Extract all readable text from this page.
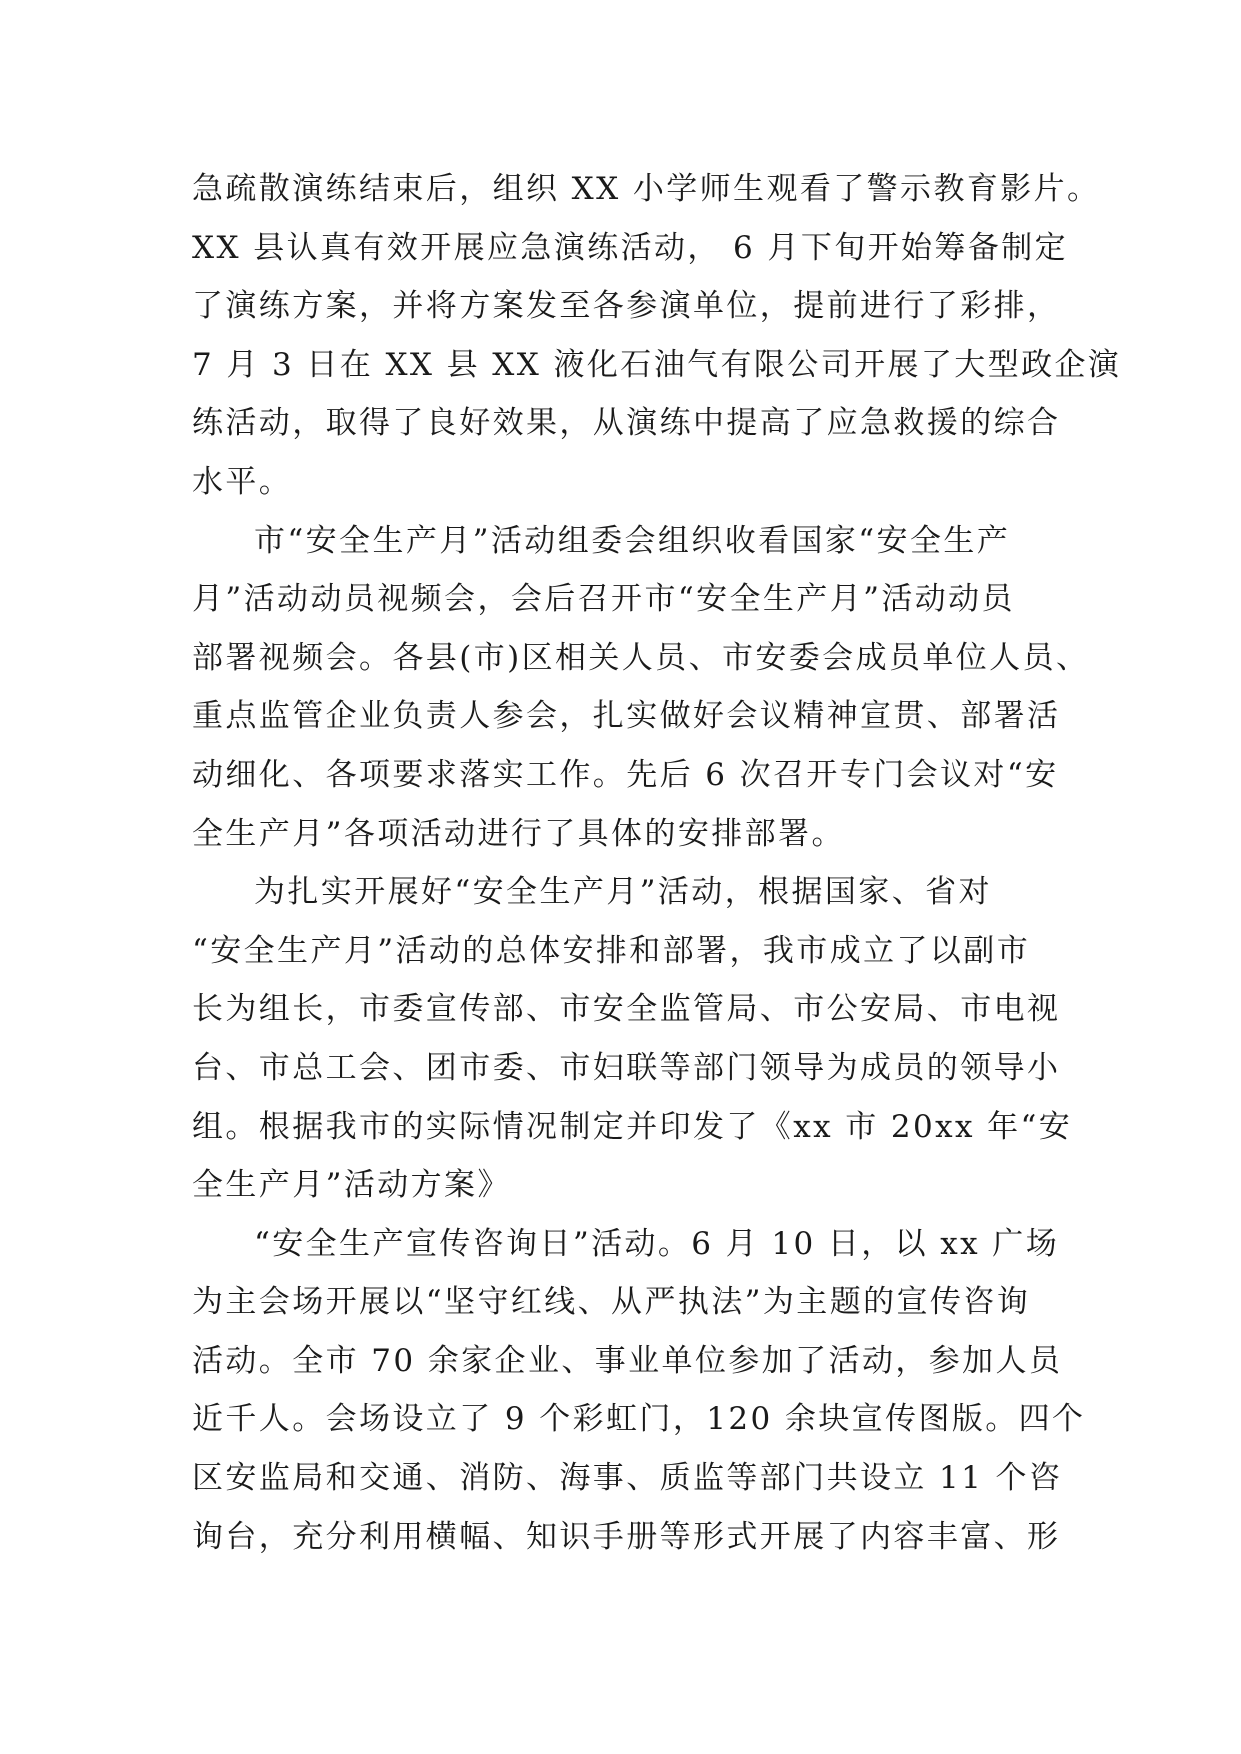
急疏散演练结束后，组织 XX 小学师生观看了警示教育影片。
XX 县认真有效开展应急演练活动， 6 月下旬开始筹备制定
了演练方案，并将方案发至各参演单位，提前进行了彩排，
7 月 3 日在 XX 县 XX 液化石油气有限公司开展了大型政企演
练活动，取得了良好效果，从演练中提高了应急救援的综合
水平。
市“安全生产月”活动组委会组织收看国家“安全生产
月”活动动员视频会，会后召开市“安全生产月”活动动员
部署视频会。各县(市)区相关人员、市安委会成员单位人员、
重点监管企业负责人参会，扎实做好会议精神宣贯、部署活
动细化、各项要求落实工作。先后 6 次召开专门会议对“安
全生产月”各项活动进行了具体的安排部署。
为扎实开展好“安全生产月”活动，根据国家、省对
“安全生产月”活动的总体安排和部署，我市成立了以副市
长为组长，市委宣传部、市安全监管局、市公安局、市电视
台、市总工会、团市委、市妇联等部门领导为成员的领导小
组。根据我市的实际情况制定并印发了《xx 市 20xx 年“安
全生产月”活动方案》
“安全生产宣传咨询日”活动。6 月 10 日，以 xx 广场
为主会场开展以“坚守红线、从严执法”为主题的宣传咨询
活动。全市 70 余家企业、事业单位参加了活动，参加人员
近千人。会场设立了 9 个彩虹门，120 余块宣传图版。四个
区安监局和交通、消防、海事、质监等部门共设立 11 个咨
询台，充分利用横幅、知识手册等形式开展了内容丰富、形
